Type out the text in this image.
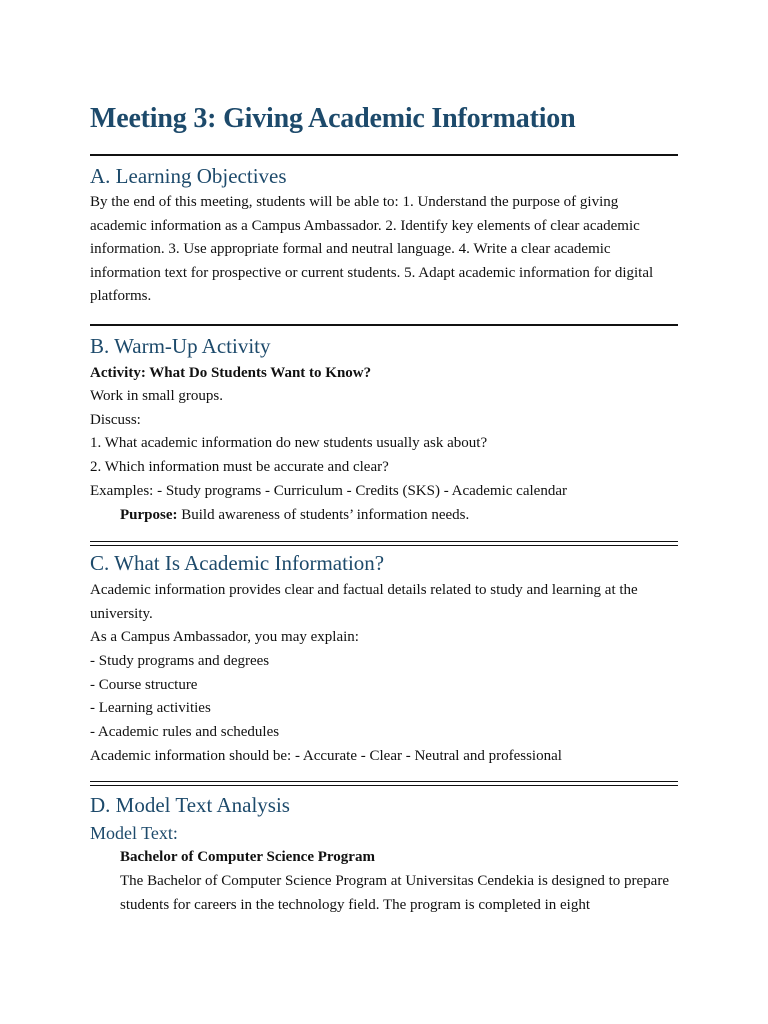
Meeting 3: Giving Academic Information
A. Learning Objectives

By the end of this meeting, students will be able to: 1. Understand the purpose of giving academic information as a Campus Ambassador. 2. Identify key elements of clear academic information. 3. Use appropriate formal and neutral language. 4. Write a clear academic information text for prospective or current students. 5. Adapt academic information for digital platforms.

B. Warm-Up Activity

Activity: What Do Students Want to Know?

Work in small groups.

Discuss:

1. What academic information do new students usually ask about?

2. Which information must be accurate and clear?

Examples: - Study programs - Curriculum - Credits (SKS) - Academic calendar

Purpose: Build awareness of students’ information needs.

C. What Is Academic Information?

Academic information provides clear and factual details related to study and learning at the university.

As a Campus Ambassador, you may explain:

- Study programs and degrees

- Course structure

- Learning activities

- Academic rules and schedules

Academic information should be: - Accurate - Clear - Neutral and professional

D. Model Text Analysis
Model Text:

Bachelor of Computer Science Program

The Bachelor of Computer Science Program at Universitas Cendekia is designed to prepare students for careers in the technology field. The program is completed in eight
